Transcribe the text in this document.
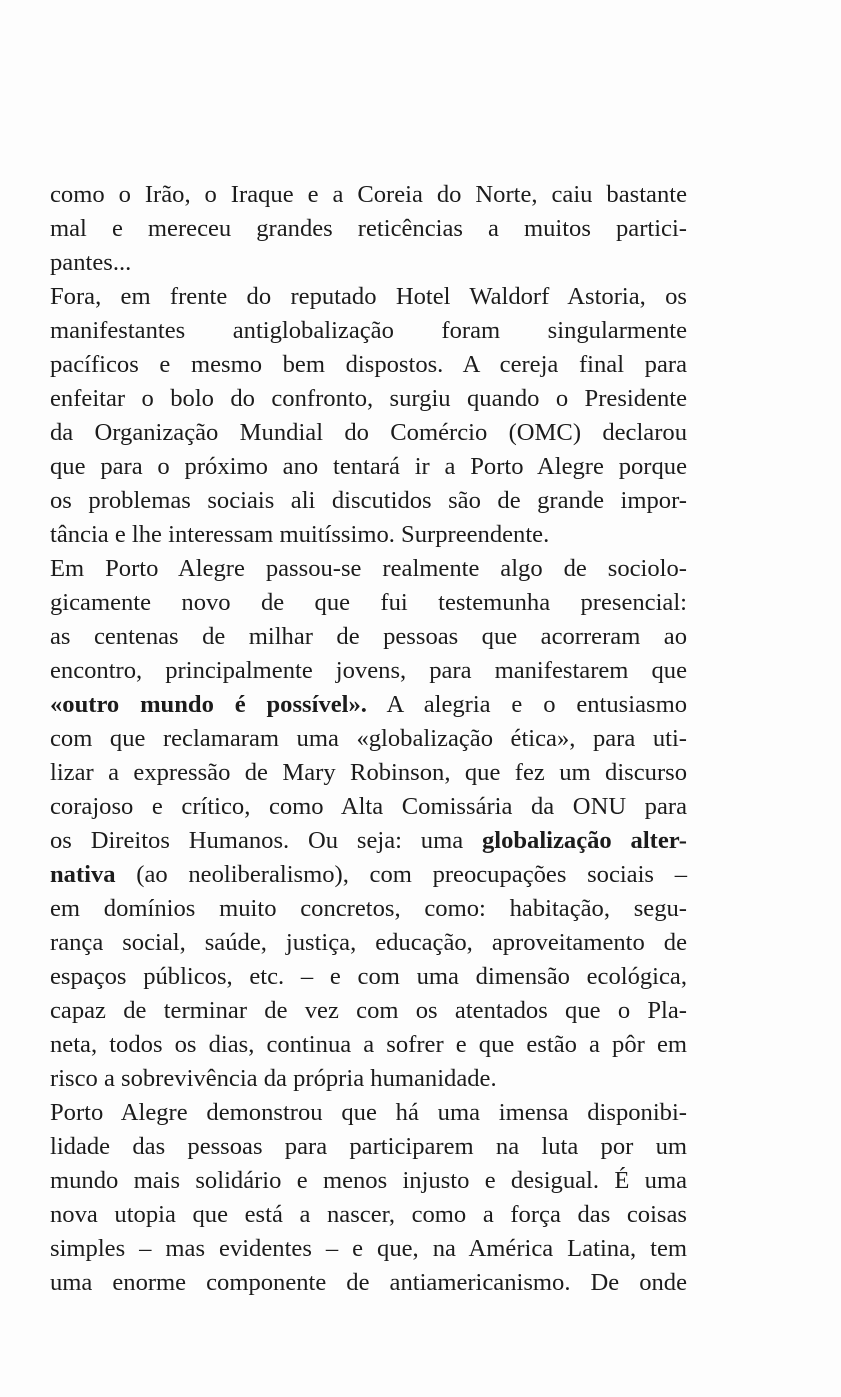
como o Irão, o Iraque e a Coreia do Norte, caiu bastante
mal e mereceu grandes reticências a muitos partici-
pantes...
Fora, em frente do reputado Hotel Waldorf Astoria, os
manifestantes antiglobalização foram singularmente
pacíficos e mesmo bem dispostos. A cereja final para
enfeitar o bolo do confronto, surgiu quando o Presidente
da Organização Mundial do Comércio (OMC) declarou
que para o próximo ano tentará ir a Porto Alegre porque
os problemas sociais ali discutidos são de grande impor-
tância e lhe interessam muitíssimo. Surpreendente.
Em Porto Alegre passou-se realmente algo de sociolo-
gicamente novo de que fui testemunha presencial:
as centenas de milhar de pessoas que acorreram ao
encontro, principalmente jovens, para manifestarem que
«outro mundo é possível». A alegria e o entusiasmo
com que reclamaram uma «globalização ética», para uti-
lizar a expressão de Mary Robinson, que fez um discurso
corajoso e crítico, como Alta Comissária da ONU para
os Direitos Humanos. Ou seja: uma globalização alter-
nativa (ao neoliberalismo), com preocupações sociais –
em domínios muito concretos, como: habitação, segu-
rança social, saúde, justiça, educação, aproveitamento de
espaços públicos, etc. – e com uma dimensão ecológica,
capaz de terminar de vez com os atentados que o Pla-
neta, todos os dias, continua a sofrer e que estão a pôr em
risco a sobrevivência da própria humanidade.
Porto Alegre demonstrou que há uma imensa disponibi-
lidade das pessoas para participarem na luta por um
mundo mais solidário e menos injusto e desigual. É uma
nova utopia que está a nascer, como a força das coisas
simples – mas evidentes – e que, na América Latina, tem
uma enorme componente de antiamericanismo. De onde
